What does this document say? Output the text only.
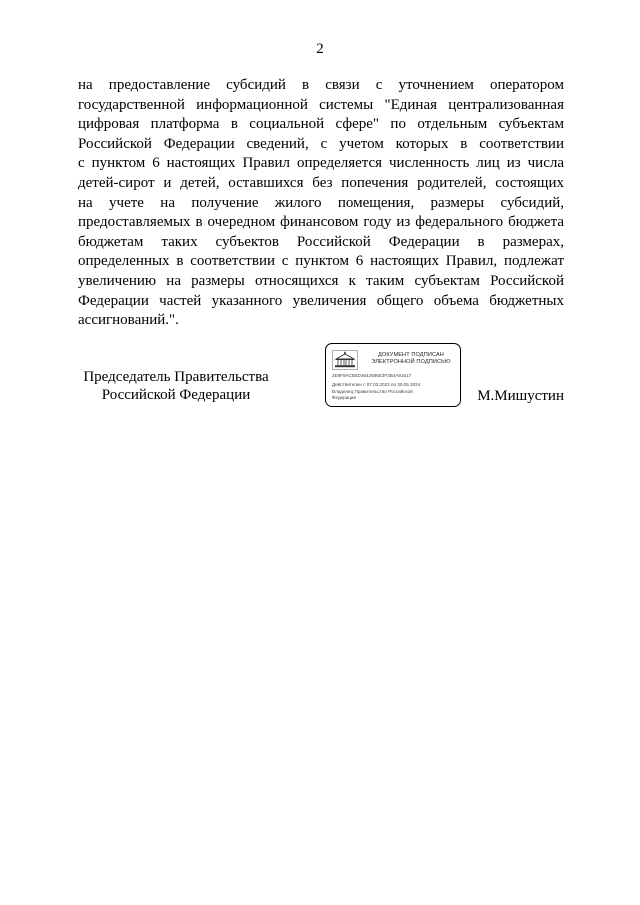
2
на предоставление субсидий в связи с уточнением оператором
государственной информационной системы "Единая централизованная
цифровая платформа в социальной сфере" по отдельным субъектам
Российской Федерации сведений, с учетом которых в соответствии
с пунктом 6 настоящих Правил определяется численность лиц из числа
детей-сирот и детей, оставшихся без попечения родителей, состоящих
на учете на получение жилого помещения, размеры субсидий,
предоставляемых в очередном финансовом году из федерального бюджета
бюджетам таких субъектов Российской Федерации в размерах,
определенных в соответствии с пунктом 6 настоящих Правил, подлежат
увеличению на размеры относящихся к таким субъектам Российской
Федерации частей указанного увеличения общего объема бюджетных
ассигнований.".
Председатель Правительства
Российской Федерации
ДОКУМЕНТ ПОДПИСАН
ЭЛЕКТРОННОЙ ПОДПИСЬЮ
2E8F9ACB5D4642686E3F3B4A91617
Действителен с 07.03.2023 по 30.05.2024
Владелец Правительство Российской
Федерации	М.Мишустин
